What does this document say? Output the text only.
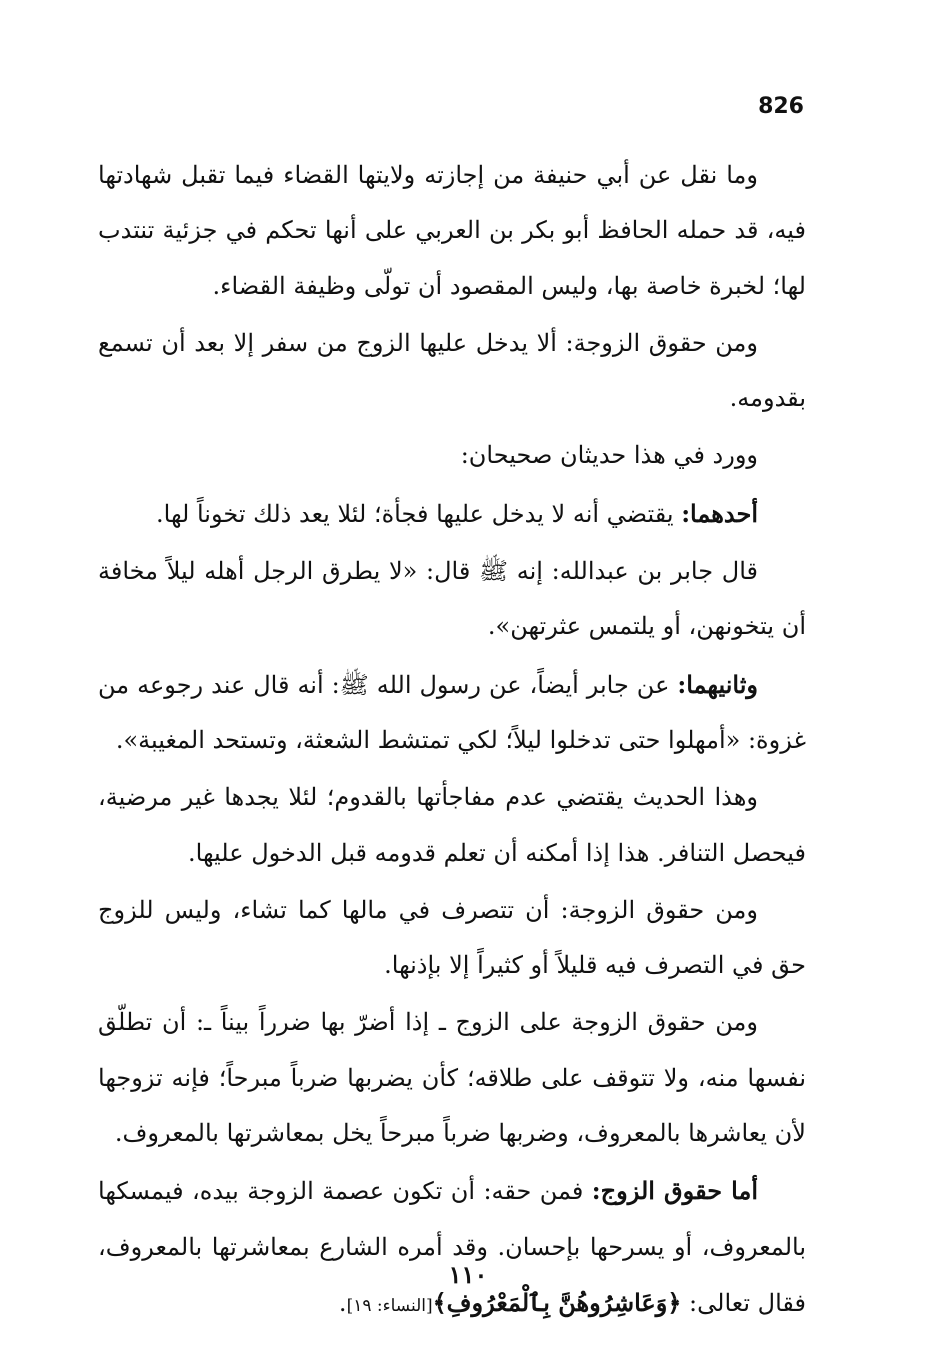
826

وما نقل عن أبي حنيفة من إجازته ولايتها القضاء فيما تقبل شهادتها فيه، قد حمله الحافظ أبو بكر بن العربي على أنها تحكم في جزئية تنتدب لها؛ لخبرة خاصة بها، وليس المقصود أن تولّى وظيفة القضاء.

ومن حقوق الزوجة: ألا يدخل عليها الزوج من سفر إلا بعد أن تسمع بقدومه.

وورد في هذا حديثان صحيحان:

أحدهما: يقتضي أنه لا يدخل عليها فجأة؛ لئلا يعد ذلك تخوناً لها.

قال جابر بن عبدالله: إنه ﷺ قال: «لا يطرق الرجل أهله ليلاً مخافة أن يتخونهن، أو يلتمس عثرتهن».

وثانيهما: عن جابر أيضاً، عن رسول الله ﷺ: أنه قال عند رجوعه من غزوة: «أمهلوا حتى تدخلوا ليلاً؛ لكي تمتشط الشعثة، وتستحد المغيبة».

وهذا الحديث يقتضي عدم مفاجأتها بالقدوم؛ لئلا يجدها غير مرضية، فيحصل التنافر. هذا إذا أمكنه أن تعلم قدومه قبل الدخول عليها.

ومن حقوق الزوجة: أن تتصرف في مالها كما تشاء، وليس للزوج حق في التصرف فيه قليلاً أو كثيراً إلا بإذنها.

ومن حقوق الزوجة على الزوج ـ إذا أضرّ بها ضرراً بيناً ـ: أن تطلّق نفسها منه، ولا تتوقف على طلاقه؛ كأن يضربها ضرباً مبرحاً؛ فإنه تزوجها لأن يعاشرها بالمعروف، وضربها ضرباً مبرحاً يخل بمعاشرتها بالمعروف.

أما حقوق الزوج: فمن حقه: أن تكون عصمة الزوجة بيده، فيمسكها بالمعروف، أو يسرحها بإحسان. وقد أمره الشارع بمعاشرتها بالمعروف، فقال تعالى: ﴿وَعَاشِرُوهُنَّ بِٱلْمَعْرُوفِ﴾[النساء: ١٩].

١١٠
